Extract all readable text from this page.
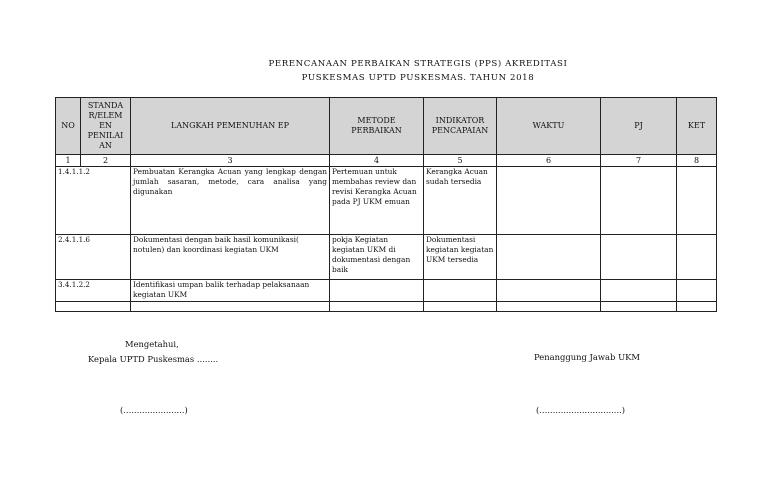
PERENCANAAN PERBAIKAN STRATEGIS (PPS) AKREDITASI
PUSKESMAS UPTD PUSKESMAS. TAHUN 2018
NO	STANDA R/ELEM EN PENILAI AN	LANGKAH PEMENUHAN EP	METODE PERBAIKAN	INDIKATOR PENCAPAIAN	WAKTU	PJ	KET
1	2	3	4	5	6	7	8
1.4.1.1.2		Pembuatan Kerangka Acuan yang lengkap dengan jumlah sasaran, metode, cara analisa yang digunakan	Pertemuan untuk membahas review dan revisi Kerangka Acuan pada PJ UKM emuan	Kerangka Acuan sudah tersedia			
2.4.1.1.6		Dokumentasi dengan baik hasil komunikasi( notulen) dan koordinasi kegiatan UKM	pokja Kegiatan kegiatan UKM di dokumentasi dengan baik	Dokumentasi kegiatan kegiatan UKM tersedia			
3.4.1.2.2		Identifikasi umpan balik terhadap pelaksanaan kegiatan UKM					

Mengetahui,
Kepala UPTD Puskesmas ........	Penanggung Jawab UKM
(.......................)	(...............................)
